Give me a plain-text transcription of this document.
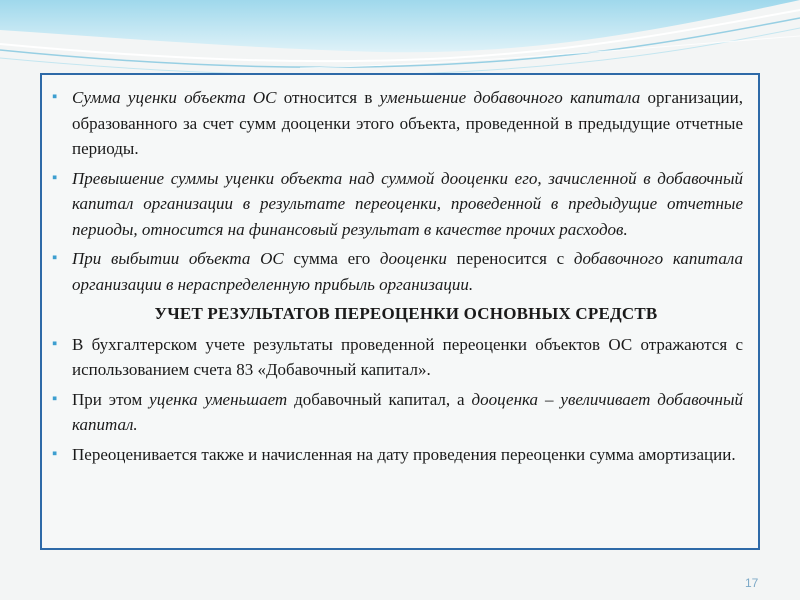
▪ Сумма уценки объекта ОС относится в уменьшение добавочного капитала организации, образованного за счет сумм дооценки этого объекта, проведенной в предыдущие отчетные периоды.
▪ Превышение суммы уценки объекта над суммой дооценки его, зачисленной в добавочный капитал организации в результате переоценки, проведенной в предыдущие отчетные периоды, относится на финансовый результат в качестве прочих расходов.
▪ При выбытии объекта ОС сумма его дооценки переносится с добавочного капитала организации в нераспределенную прибыль организации.
УЧЕТ РЕЗУЛЬТАТОВ ПЕРЕОЦЕНКИ ОСНОВНЫХ СРЕДСТВ
▪ В бухгалтерском учете результаты проведенной переоценки объектов ОС отражаются с использованием счета 83 «Добавочный капитал».
▪ При этом уценка уменьшает добавочный капитал, а дооценка – увеличивает добавочный капитал.
▪ Переоценивается также и начисленная на дату проведения переоценки сумма амортизации.
17
